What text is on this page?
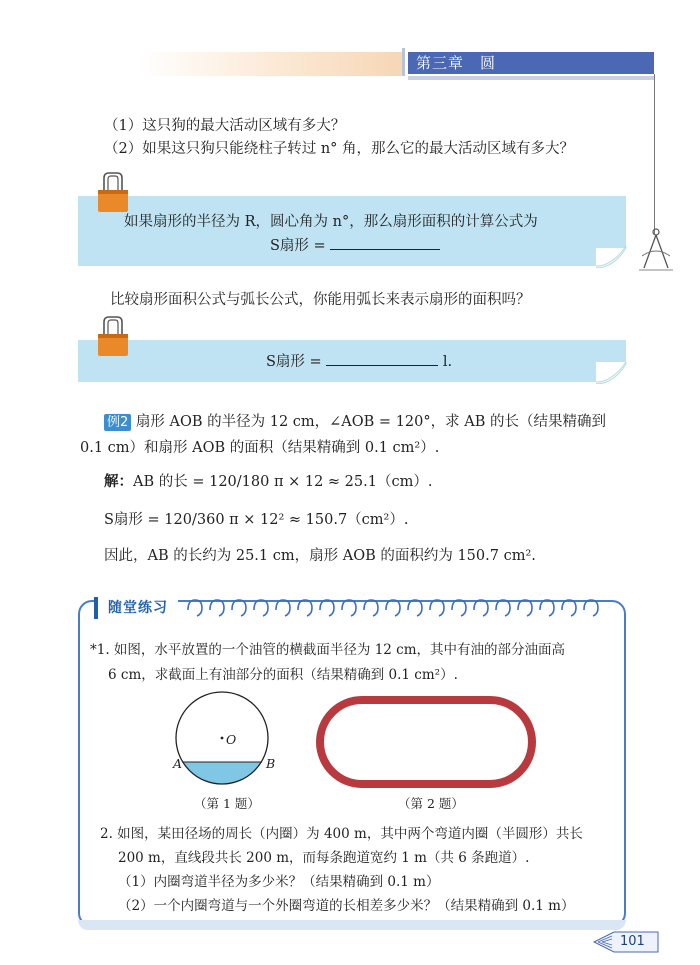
第三章　圆
（1）这只狗的最大活动区域有多大？
（2）如果这只狗只能绕柱子转过 n° 角，那么它的最大活动区域有多大？
如果扇形的半径为 R，圆心角为 n°，那么扇形面积的计算公式为
S扇形 =
比较扇形面积公式与弧长公式，你能用弧长来表示扇形的面积吗？
S扇形 =	l.
例2 扇形 AOB 的半径为 12 cm，∠AOB = 120°，求 AB 的长（结果精确到
0.1 cm）和扇形 AOB 的面积（结果精确到 0.1 cm²）.
解：AB 的长 = 120/180 π × 12 ≈ 25.1（cm）.
S扇形 = 120/360 π × 12² ≈ 150.7（cm²）.
因此，AB 的长约为 25.1 cm，扇形 AOB 的面积约为 150.7 cm².
随堂练习
*1. 如图，水平放置的一个油管的横截面半径为 12 cm，其中有油的部分油面高
6 cm，求截面上有油部分的面积（结果精确到 0.1 cm²）.
O
A	B
（第 1 题）	（第 2 题）
2. 如图，某田径场的周长（内圈）为 400 m，其中两个弯道内圈（半圆形）共长
200 m，直线段共长 200 m，而每条跑道宽约 1 m（共 6 条跑道）.
（1）内圈弯道半径为多少米？（结果精确到 0.1 m）
（2）一个内圈弯道与一个外圈弯道的长相差多少米？（结果精确到 0.1 m）
101
